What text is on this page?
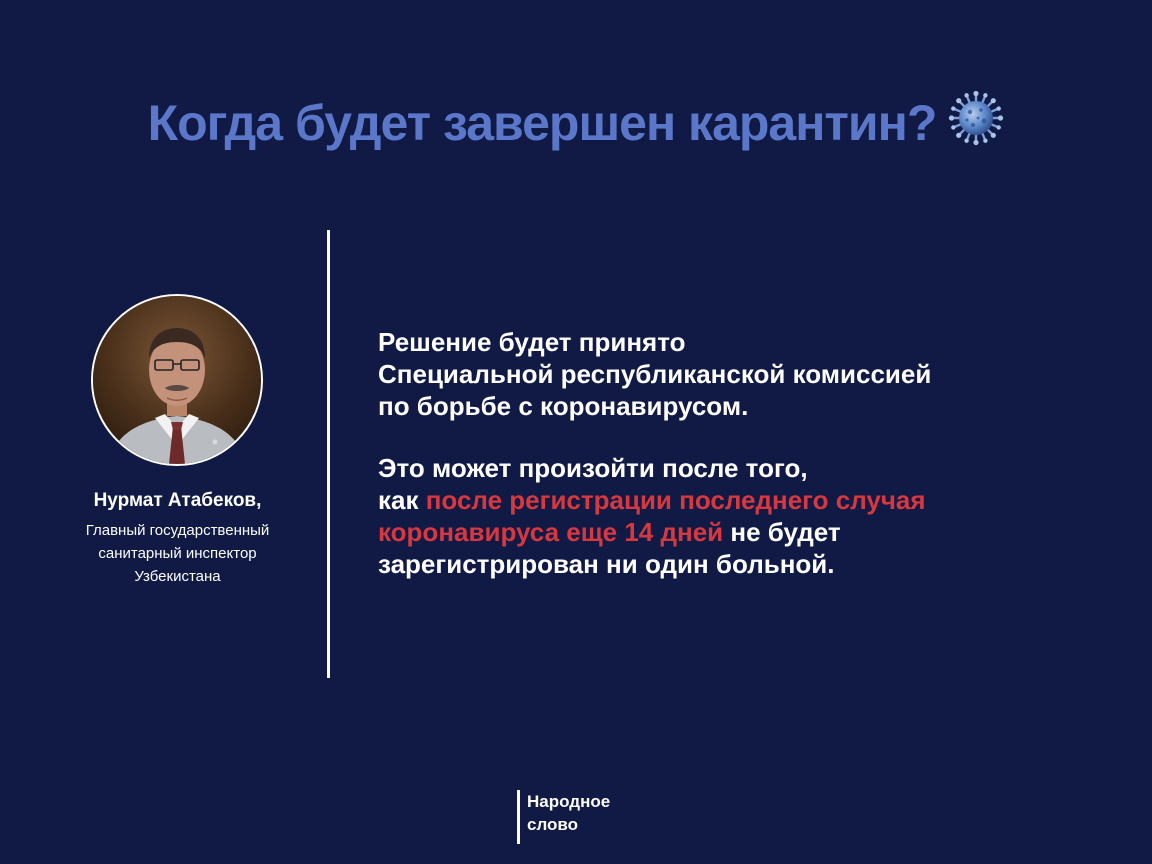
Когда будет завершен карантин?
Нурмат Атабеков,
Главный государственный
санитарный инспектор
Узбекистана

Решение будет принято
Специальной республиканской комиссией
по борьбе с коронавирусом.

Это может произойти после того,
как после регистрации последнего случая
коронавируса еще 14 дней не будет
зарегистрирован ни один больной.

Народное
слово
